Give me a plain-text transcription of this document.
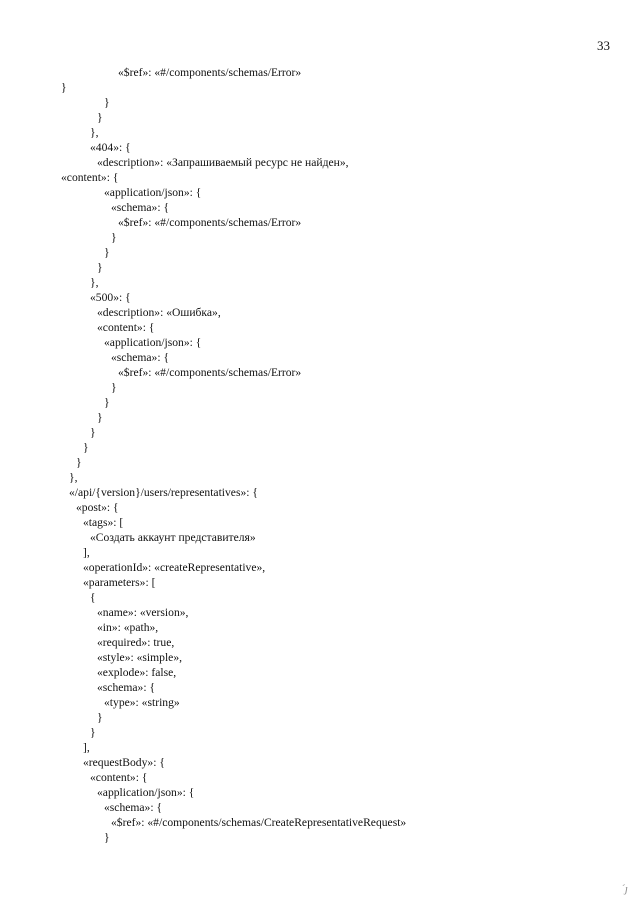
33
«$ref»: «#/components/schemas/Error»
}
}
}
},
«404»: {
«description»: «Запрашиваемый ресурс не найден»,
«content»: {
«application/json»: {
«schema»: {
«$ref»: «#/components/schemas/Error»
}
}
}
},
«500»: {
«description»: «Ошибка»,
«content»: {
«application/json»: {
«schema»: {
«$ref»: «#/components/schemas/Error»
}
}
}
}
}
}
},
«/api/{version}/users/representatives»: {
«post»: {
«tags»: [
«Создать аккаунт представителя»
],
«operationId»: «createRepresentative»,
«parameters»: [
{
«name»: «version»,
«in»: «path»,
«required»: true,
«style»: «simple»,
«explode»: false,
«schema»: {
«type»: «string»
}
}
],
«requestBody»: {
«content»: {
«application/json»: {
«schema»: {
«$ref»: «#/components/schemas/CreateRepresentativeRequest»
}
´ȷ
